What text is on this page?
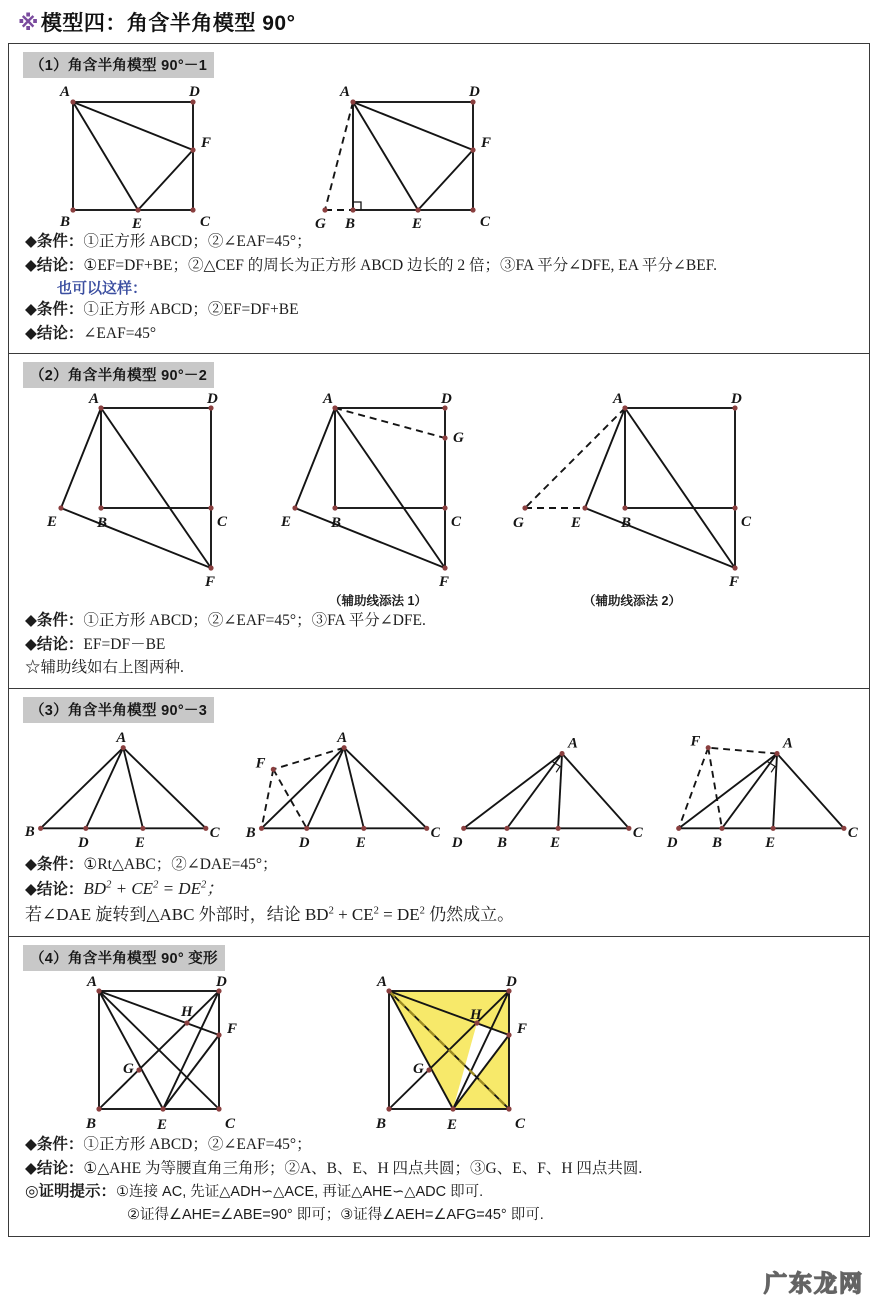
※ 模型四：角含半角模型 90°
（1）角含半角模型 90°－1
A	D
F
B	E	C
A	D
F
G B	E	C
◆条件：①正方形 ABCD；②∠EAF=45°；
◆结论：①EF=DF+BE；②△CEF 的周长为正方形 ABCD 边长的 2 倍；③FA 平分∠DFE, EA 平分∠BEF.
也可以这样：
◆条件：①正方形 ABCD；②EF=DF+BE
◆结论：∠EAF=45°
（2）角含半角模型 90°－2
A	D
E	B	C
F
A	D
G
E	B	C
F
（辅助线添法 1）
A	D
G	E	B	C
F
（辅助线添法 2）
◆条件：①正方形 ABCD；②∠EAF=45°；③FA 平分∠DFE.
◆结论：EF=DF－BE
☆辅助线如右上图两种.
（3）角含半角模型 90°－3
A
B
D	E
C
A
F
B
D	E
C
A
D B	E
C
F	A
D B	E
C
◆条件：①Rt△ABC；②∠DAE=45°；
◆结论：$BD^2 + CE^2 = DE^2$；
若∠DAE 旋转到△ABC 外部时，结论 $BD^2 + CE^2 = DE^2$ 仍然成立。
（4）角含半角模型 90° 变形
A	D
H
F
G
B	E	C
A	D
H
F
G
B	E	C
◆条件：①正方形 ABCD；②∠EAF=45°；
◆结论：①△AHE 为等腰直角三角形；②A、B、E、H 四点共圆；③G、E、F、H 四点共圆.
◎证明提示：①连接 AC, 先证△ADH∽△ACE, 再证△AHE∽△ADC 即可.
②证得∠AHE=∠ABE=90° 即可；③证得∠AEH=∠AFG=45° 即可.
广东龙网
